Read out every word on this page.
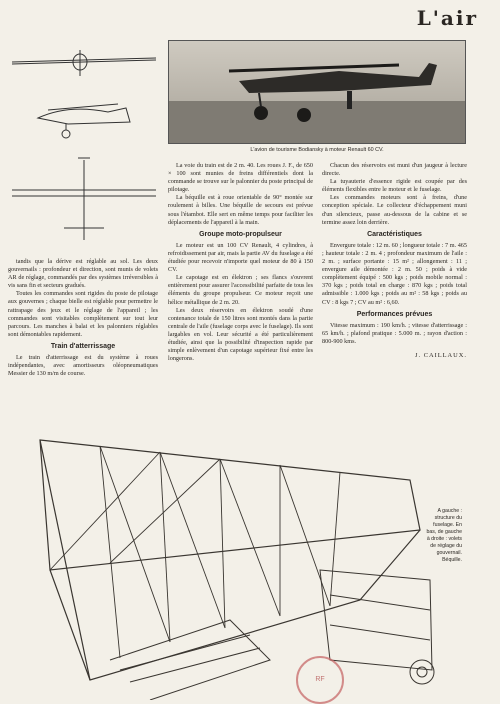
L'air
L'avion de tourisme Bodiansky à moteur Renault 60 CV.

tandis que la dérive est réglable au sol. Les deux gouvernails : profondeur et direction, sont munis de volets AR de réglage, commandés par des systèmes irréversibles à vis sans fin et secteurs gradués.

Toutes les commandes sont rigides du poste de pilotage aux gouvernes ; chaque bielle est réglable pour permettre le rattrapage des jeux et le réglage de l'appareil ; les commandes sont visitables complètement sur tout leur parcours. Les manches à balai et les palonniers réglables sont démontables rapidement.

Train d'atterrissage

Le train d'atterrissage est du système à roues indépendantes, avec amortisseurs oléopneumatiques Messier de 130 m/m de course.

La voie du train est de 2 m. 40. Les roues J. F., de 650 × 100 sont munies de freins différentiels dont la commande se trouve sur le palonnier du poste principal de pilotage.

La béquille est à roue orientable de 90° montée sur roulement à billes. Une béquille de secours est prévue sous l'étambot. Elle sert en même temps pour faciliter les déplacements de l'appareil à la main.

Groupe moto-propulseur

Le moteur est un 100 CV Renault, 4 cylindres, à refroidissement par air, mais la partie AV du fuselage a été étudiée pour recevoir n'importe quel moteur de 80 à 150 CV.

Le capotage est en élektron ; ses flancs s'ouvrent entièrement pour assurer l'accessibilité parfaite de tous les éléments du groupe propulseur. Ce moteur reçoit une hélice métallique de 2 m. 20.

Les deux réservoirs en élektron soudé d'une contenance totale de 150 litres sont montés dans la partie centrale de l'aile (fuselage corps avec le fuselage). Ils sont largables en vol. Leur sécurité a été particulièrement étudiée, ainsi que la possibilité d'inspection rapide par simple enlèvement d'un capotage supérieur fixé entre les longerons.

Chacun des réservoirs est muni d'un jaugeur à lecture directe.

La tuyauterie d'essence rigide est coupée par des éléments flexibles entre le moteur et le fuselage.

Les commandes moteurs sont à freins, d'une conception spéciale. Le collecteur d'échappement muni d'un silencieux, passe au-dessous de la cabine et se termine assez loin derrière.

Caractéristiques

Envergure totale : 12 m. 60 ; longueur totale : 7 m. 465 ; hauteur totale : 2 m. 4 ; profondeur maximum de l'aile : 2 m. ; surface portante : 15 m² ; allongement : 11 ; envergure aile démontée : 2 m. 50 ; poids à vide complètement équipé : 500 kgs ; poids mobile normal : 370 kgs ; poids total en charge : 870 kgs ; poids total admissible : 1.000 kgs ; poids au m² : 58 kgs ; poids au CV : 8 kgs 7 ; CV au m² : 6,60.

Performances prévues

Vitesse maximum : 190 km/h. ; vitesse d'atterrissage : 65 km/h. ; plafond pratique : 5.000 m. ; rayon d'action : 800-900 kms.

J. CAILLAUX.
A gauche : structure du fuselage. En bas, de gauche à droite : volets de réglage du gouvernail. Béquille.
RF
